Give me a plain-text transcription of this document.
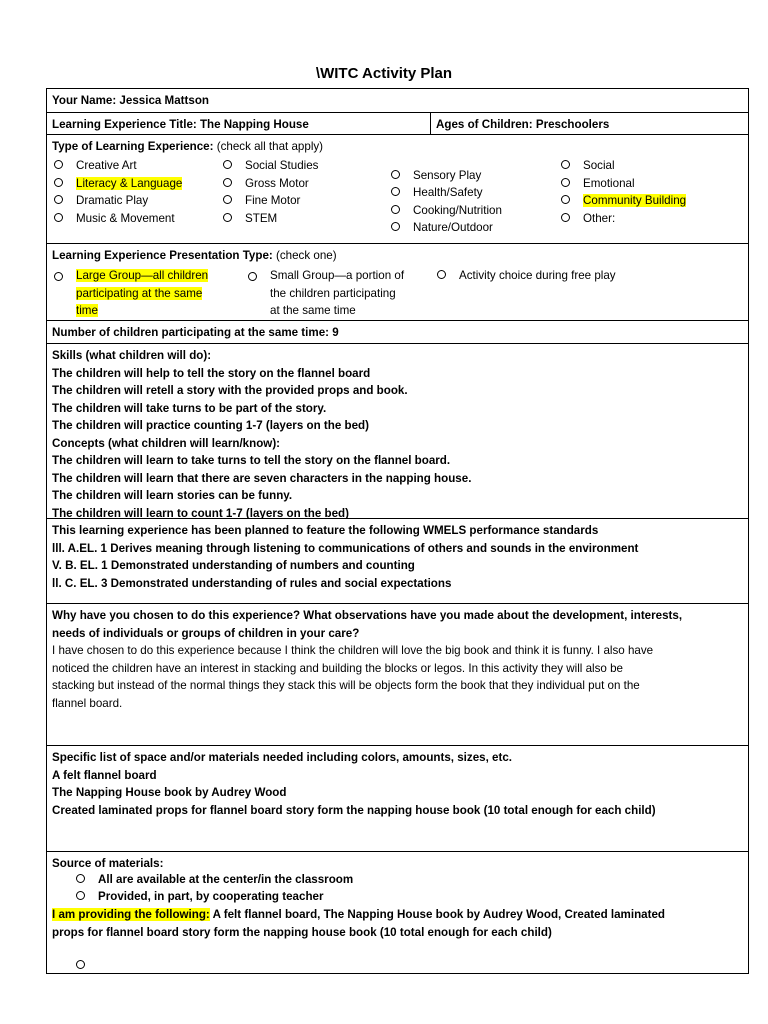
\WITC Activity Plan
Your Name: Jessica Mattson
Learning Experience Title: The Napping House	Ages of Children: Preschoolers
Type of Learning Experience: (check all that apply)
Creative Art
Literacy & Language
Dramatic Play
Music & Movement
Social Studies
Gross Motor
Fine Motor
STEM
Sensory Play
Health/Safety
Cooking/Nutrition
Nature/Outdoor
Social
Emotional
Community Building
Other:
Learning Experience Presentation Type: (check one)
Large Group—all children
participating at the same
time
Small Group—a portion of
the children participating
at the same time
Activity choice during free play
Number of children participating at the same time: 9
Skills (what children will do):
The children will help to tell the story on the flannel board
The children will retell a story with the provided props and book.
The children will take turns to be part of the story.
The children will practice counting 1-7 (layers on the bed)
Concepts (what children will learn/know):
The children will learn to take turns to tell the story on the flannel board.
The children will learn that there are seven characters in the napping house.
The children will learn stories can be funny.
The children will learn to count 1-7 (layers on the bed)
This learning experience has been planned to feature the following WMELS performance standards
lll. A.EL. 1 Derives meaning through listening to communications of others and sounds in the environment
V. B. EL. 1 Demonstrated understanding of numbers and counting
ll. C. EL. 3 Demonstrated understanding of rules and social expectations
Why have you chosen to do this experience? What observations have you made about the development, interests,
needs of individuals or groups of children in your care?
I have chosen to do this experience because I think the children will love the big book and think it is funny. I also have
noticed the children have an interest in stacking and building the blocks or legos. In this activity they will also be
stacking but instead of the normal things they stack this will be objects form the book that they individual put on the
flannel board.
Specific list of space and/or materials needed including colors, amounts, sizes, etc.
A felt flannel board
The Napping House book by Audrey Wood
Created laminated props for flannel board story form the napping house book (10 total enough for each child)
Source of materials:
All are available at the center/in the classroom
Provided, in part, by cooperating teacher
I am providing the following: A felt flannel board, The Napping House book by Audrey Wood, Created laminated
props for flannel board story form the napping house book (10 total enough for each child)
